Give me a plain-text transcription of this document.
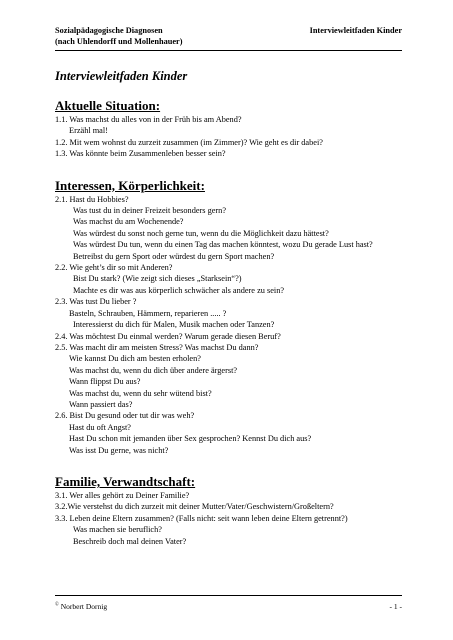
Sozialpädagogische Diagnosen
(nach Uhlendorff und Mollenhauer)
Interviewleitfaden Kinder

Interviewleitfaden Kinder

Aktuelle Situation:

1.1. Was machst du alles von in der Früh bis am Abend?

Erzähl mal!

1.2. Mit wem wohnst du zurzeit zusammen (im Zimmer)? Wie geht es dir dabei?

1.3. Was könnte beim Zusammenleben besser sein?

Interessen, Körperlichkeit:

2.1. Hast du Hobbies?

Was tust du in deiner Freizeit besonders gern?

Was machst du am Wochenende?

Was würdest du sonst noch gerne tun, wenn du die Möglichkeit dazu hättest?

Was würdest Du tun, wenn du einen Tag das machen könntest, wozu Du gerade Lust hast?

Betreibst du gern Sport oder würdest du gern Sport machen?

2.2. Wie geht’s dir so mit Anderen?

Bist Du stark? (Wie zeigt sich dieses „Starksein“?)

Machte es dir was aus körperlich schwächer als andere zu sein?

2.3. Was tust Du lieber ?

Basteln, Schrauben, Hämmern, reparieren ..... ?

Interessierst du dich für Malen, Musik machen oder Tanzen?

2.4. Was möchtest Du einmal werden? Warum gerade diesen Beruf?

2.5. Was macht dir am meisten Stress? Was machst Du dann?

Wie kannst Du dich am besten erholen?

Was machst du, wenn du dich über andere ärgerst?

Wann flippst Du aus?

Was machst du, wenn du sehr wütend bist?

Wann passiert das?

2.6. Bist Du gesund oder tut dir was weh?

Hast du oft Angst?

Hast Du schon mit jemanden über Sex gesprochen? Kennst Du dich aus?

Was isst Du gerne, was nicht?

Familie, Verwandtschaft:

3.1. Wer alles gehört zu Deiner Familie?

3.2.Wie verstehst du dich zurzeit mit deiner Mutter/Vater/Geschwistern/Großeltern?

3.3. Leben deine Eltern zusammen? (Falls nicht: seit wann leben deine Eltern getrennt?)

Was machen sie beruflich?

Beschreib doch mal deinen Vater?

© Norbert Dornig	- 1 -
